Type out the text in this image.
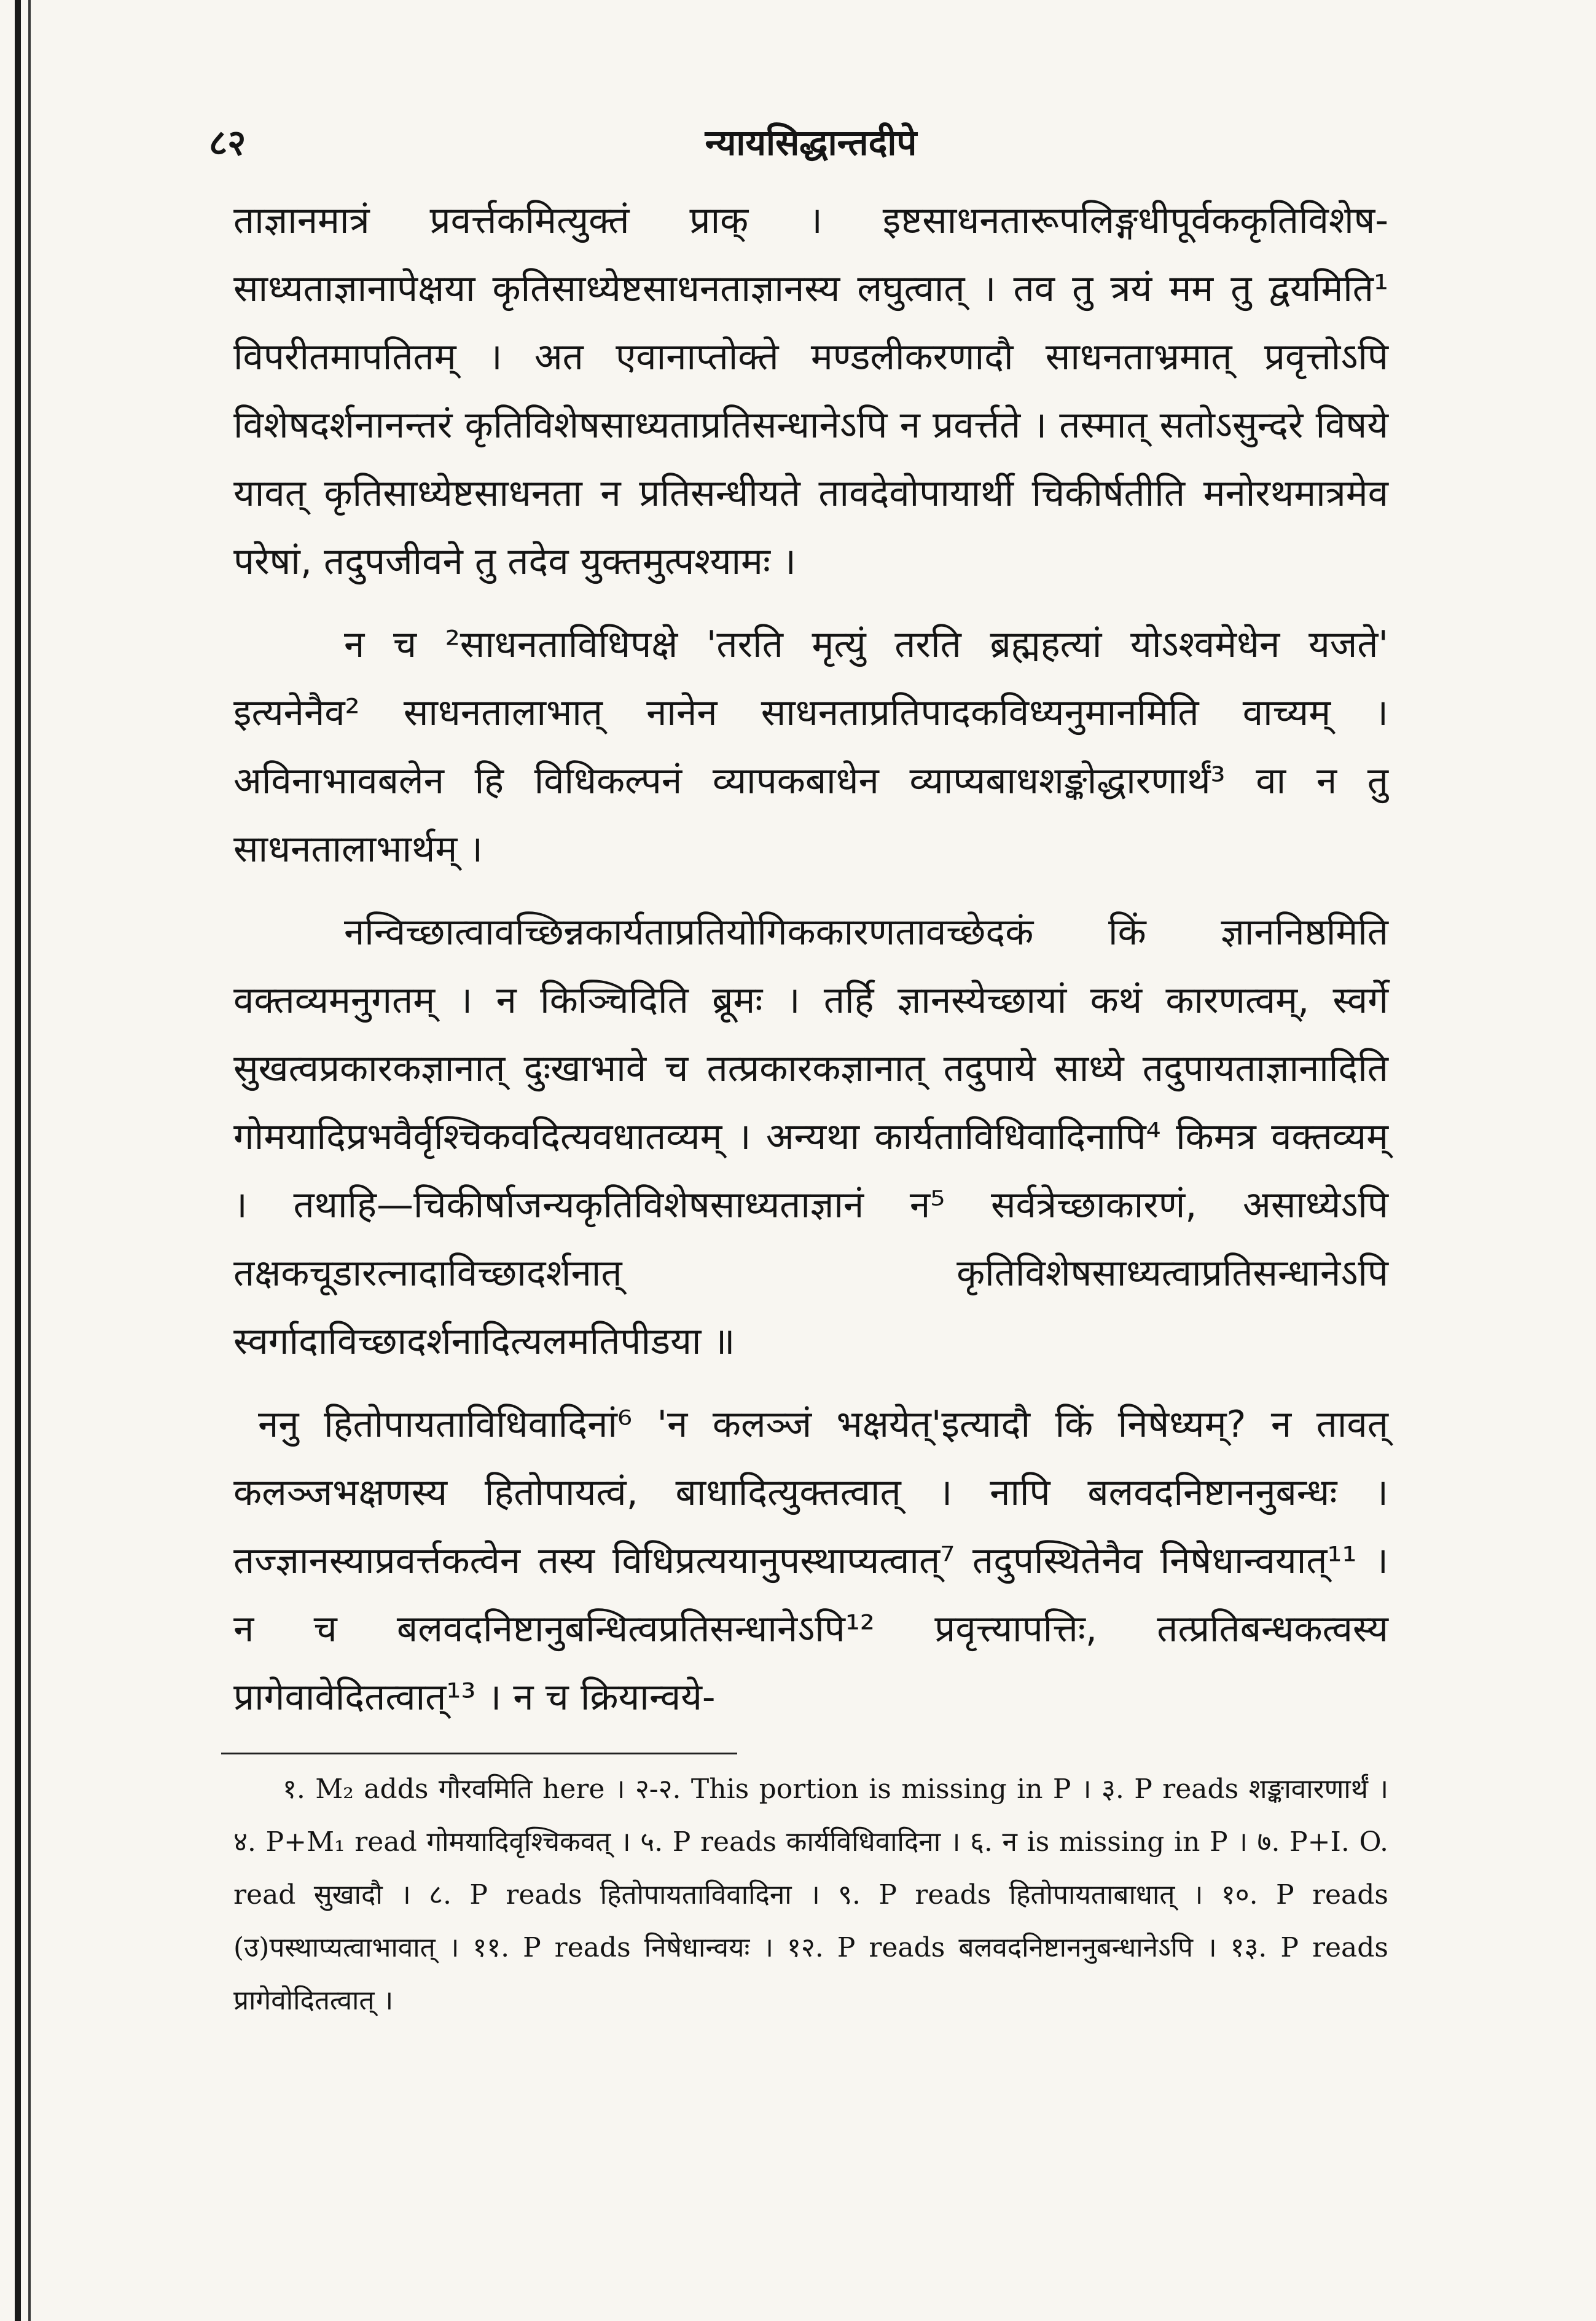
८२	न्यायसिद्धान्तदीपे

ताज्ञानमात्रं प्रवर्त्तकमित्युक्तं प्राक् । इष्टसाधनतारूपलिङ्गधीपूर्वककृतिविशेष-साध्यताज्ञानापेक्षया कृतिसाध्येष्टसाधनताज्ञानस्य लघुत्वात् । तव तु त्रयं मम तु द्वयमिति¹ विपरीतमापतितम् । अत एवानाप्तोक्ते मण्डलीकरणादौ साधनताभ्रमात् प्रवृत्तोऽपि विशेषदर्शनानन्तरं कृतिविशेषसाध्यताप्रतिसन्धानेऽपि न प्रवर्त्तते । तस्मात् सतोऽसुन्दरे विषये यावत् कृतिसाध्येष्टसाधनता न प्रतिसन्धीयते तावदेवोपायार्थी चिकीर्षतीति मनोरथमात्रमेव परेषां, तदुपजीवने तु तदेव युक्तमुत्पश्यामः ।

न च ²साधनताविधिपक्षे 'तरति मृत्युं तरति ब्रह्महत्यां योऽश्वमेधेन यजते' इत्यनेनैव² साधनतालाभात् नानेन साधनताप्रतिपादकविध्यनुमानमिति वाच्यम् । अविनाभावबलेन हि विधिकल्पनं व्यापकबाधेन व्याप्यबाधशङ्कोद्धारणार्थं³ वा न तु साधनतालाभार्थम् ।

नन्विच्छात्वावच्छिन्नकार्यताप्रतियोगिककारणतावच्छेदकं किं ज्ञाननिष्ठमिति वक्तव्यमनुगतम् । न किञ्चिदिति ब्रूमः । तर्हि ज्ञानस्येच्छायां कथं कारणत्वम्, स्वर्गे सुखत्वप्रकारकज्ञानात् दुःखाभावे च तत्प्रकारकज्ञानात् तदुपाये साध्ये तदुपायताज्ञानादिति गोमयादिप्रभवैर्वृश्चिकवदित्यवधातव्यम् । अन्यथा कार्यताविधिवादिनापि⁴ किमत्र वक्तव्यम् । तथाहि—चिकीर्षाजन्यकृतिविशेषसाध्यताज्ञानं न⁵ सर्वत्रेच्छाकारणं, असाध्येऽपि तक्षकचूडारत्नादाविच्छादर्शनात् कृतिविशेषसाध्यत्वाप्रतिसन्धानेऽपि स्वर्गादाविच्छादर्शनादित्यलमतिपीडया ॥

ननु हितोपायताविधिवादिनां⁶ 'न कलञ्जं भक्षयेत्'इत्यादौ किं निषेध्यम्? न तावत् कलञ्जभक्षणस्य हितोपायत्वं, बाधादित्युक्तत्वात् । नापि बलवदनिष्टाननुबन्धः । तज्ज्ञानस्याप्रवर्त्तकत्वेन तस्य विधिप्रत्ययानुपस्थाप्यत्वात्⁷ तदुपस्थितेनैव निषेधान्वयात्¹¹ । न च बलवदनिष्टानुबन्धित्वप्रतिसन्धानेऽपि¹² प्रवृत्त्यापत्तिः, तत्प्रतिबन्धकत्वस्य प्रागेवावेदितत्वात्¹³ । न च क्रियान्वये-

१. M₂ adds गौरवमिति here । २-२. This portion is missing in P । ३. P reads शङ्कावारणार्थं । ४. P+M₁ read गोमयादिवृश्चिकवत् । ५. P reads कार्यविधिवादिना । ६. न is missing in P । ७. P+I. O. read सुखादौ । ८. P reads हितोपायताविवादिना । ९. P reads हितोपायताबाधात् । १०. P reads (उ)पस्थाप्यत्वाभावात् । ११. P reads निषेधान्वयः । १२. P reads बलवदनिष्टाननुबन्धानेऽपि । १३. P reads प्रागेवोदितत्वात् ।
